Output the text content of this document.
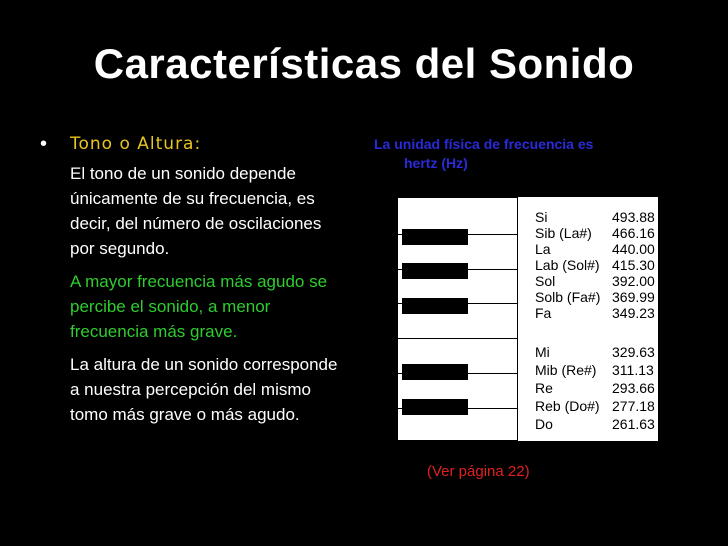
Características del Sonido
• Tono o Altura:

El tono de un sonido depende únicamente de su frecuencia, es decir, del número de oscilaciones por segundo.

A mayor frecuencia más agudo se percibe el sonido, a menor frecuencia más grave.

La altura de un sonido corresponde a nuestra percepción del mismo tomo más grave o más agudo.

La unidad física de frecuencia es
hertz (Hz)
Si	493.88
Sib (La#) 466.16
La	440.00
Lab (Sol#) 415.30
Sol	392.00
Solb (Fa#) 369.99
Fa	349.23
Mi	329.63
Mib (Re#) 311.13
Re	293.66
Reb (Do#) 277.18
Do	261.63
(Ver página 22)
